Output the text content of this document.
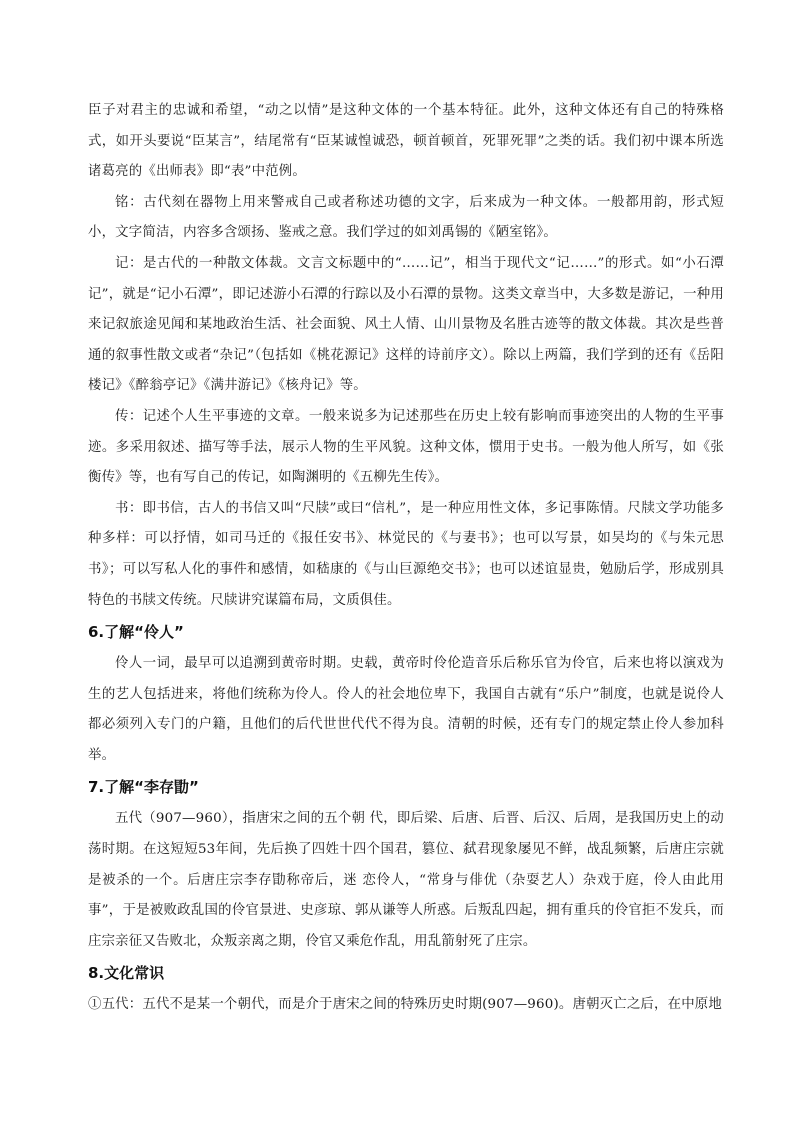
臣子对君主的忠诚和希望，“动之以情”是这种文体的一个基本特征。此外，这种文体还有自己的特殊格式，如开头要说“臣某言”，结尾常有“臣某诚惶诚恐，顿首顿首，死罪死罪”之类的话。我们初中课本所选诸葛亮的《出师表》即“表”中范例。

铭：古代刻在器物上用来警戒自己或者称述功德的文字，后来成为一种文体。一般都用韵，形式短小，文字简洁，内容多含颂扬、鉴戒之意。我们学过的如刘禹锡的《陋室铭》。

记：是古代的一种散文体裁。文言文标题中的“……记”，相当于现代文“记……”的形式。如“小石潭记”，就是“记小石潭”，即记述游小石潭的行踪以及小石潭的景物。这类文章当中，大多数是游记，一种用来记叙旅途见闻和某地政治生活、社会面貌、风土人情、山川景物及名胜古迹等的散文体裁。其次是些普通的叙事性散文或者“杂记”（包括如《桃花源记》这样的诗前序文）。除以上两篇，我们学到的还有《岳阳楼记》《醉翁亭记》《满井游记》《核舟记》等。

传：记述个人生平事迹的文章。一般来说多为记述那些在历史上较有影响而事迹突出的人物的生平事迹。多采用叙述、描写等手法，展示人物的生平风貌。这种文体，惯用于史书。一般为他人所写，如《张衡传》等，也有写自己的传记，如陶渊明的《五柳先生传》。

书：即书信，古人的书信又叫“尺牍”或曰“信札”，是一种应用性文体，多记事陈情。尺牍文学功能多种多样：可以抒情，如司马迁的《报任安书》、林觉民的《与妻书》；也可以写景，如吴均的《与朱元思书》；可以写私人化的事件和感情，如嵇康的《与山巨源绝交书》；也可以述谊显贵，勉励后学，形成别具特色的书牍文传统。尺牍讲究谋篇布局，文质俱佳。

6.了解“伶人”

伶人一词，最早可以追溯到黄帝时期。史载，黄帝时伶伦造音乐后称乐官为伶官，后来也将以演戏为生的艺人包括进来，将他们统称为伶人。伶人的社会地位卑下，我国自古就有“乐户”制度，也就是说伶人都必须列入专门的户籍，且他们的后代世世代代不得为良。清朝的时候，还有专门的规定禁止伶人参加科举。

7.了解“李存勖”

五代（907—960），指唐宋之间的五个朝 代，即后梁、后唐、后晋、后汉、后周，是我国历史上的动荡时期。在这短短53年间，先后换了四姓十四个国君，篡位、弑君现象屡见不鲜，战乱频繁，后唐庄宗就是被杀的一个。后唐庄宗李存勖称帝后，迷 恋伶人，“常身与俳优（杂耍艺人）杂戏于庭，伶人由此用事”，于是被败政乱国的伶官景进、史彦琼、郭从谦等人所惑。后叛乱四起，拥有重兵的伶官拒不发兵，而庄宗亲征又告败北，众叛亲离之期，伶官又乘危作乱，用乱箭射死了庄宗。

8.文化常识

①五代：五代不是某一个朝代，而是介于唐宋之间的特殊历史时期(907—960)。唐朝灭亡之后，在中原地
